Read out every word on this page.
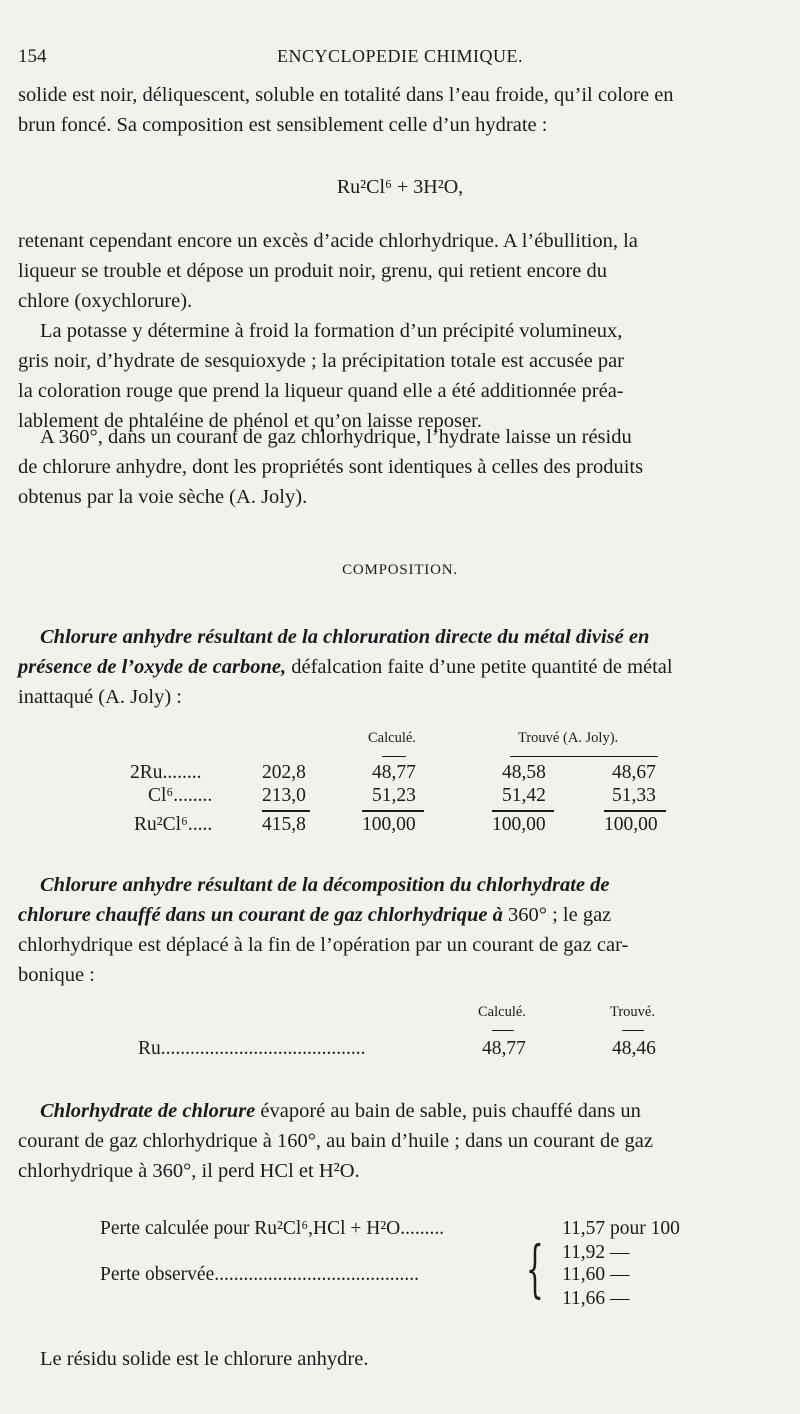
154	ENCYCLOPEDIE CHIMIQUE.
solide est noir, déliquescent, soluble en totalité dans l’eau froide, qu’il colore en
brun foncé. Sa composition est sensiblement celle d’un hydrate :
Ru²Cl⁶ + 3H²O,
retenant cependant encore un excès d’acide chlorhydrique. A l’ébullition, la
liqueur se trouble et dépose un produit noir, grenu, qui retient encore du
chlore (oxychlorure).
La potasse y détermine à froid la formation d’un précipité volumineux,
gris noir, d’hydrate de sesquioxyde ; la précipitation totale est accusée par
la coloration rouge que prend la liqueur quand elle a été additionnée préa-
lablement de phtaléine de phénol et qu’on laisse reposer.
A 360°, dans un courant de gaz chlorhydrique, l’hydrate laisse un résidu
de chlorure anhydre, dont les propriétés sont identiques à celles des produits
obtenus par la voie sèche (A. Joly).
COMPOSITION.
Chlorure anhydre résultant de la chloruration directe du métal divisé en
présence de l’oxyde de carbone, défalcation faite d’une petite quantité de métal
inattaqué (A. Joly) :
Calculé.	Trouvé (A. Joly).
2Ru........	202,8	48,77	48,58	48,67
Cl⁶........	213,0	51,23	51,42	51,33
Ru²Cl⁶.....	415,8	100,00	100,00	100,00
Chlorure anhydre résultant de la décomposition du chlorhydrate de
chlorure chauffé dans un courant de gaz chlorhydrique à 360° ; le gaz
chlorhydrique est déplacé à la fin de l’opération par un courant de gaz car-
bonique :
Calculé.	Trouvé.
Ru..........................................	48,77	48,46
Chlorhydrate de chlorure évaporé au bain de sable, puis chauffé dans un
courant de gaz chlorhydrique à 160°, au bain d’huile ; dans un courant de gaz
chlorhydrique à 360°, il perd HCl et H²O.
Perte calculée pour Ru²Cl⁶,HCl + H²O.........	11,57 pour 100
Perte observée.......................................... { 11,92 —
11,60 —
11,66 —
Le résidu solide est le chlorure anhydre.
